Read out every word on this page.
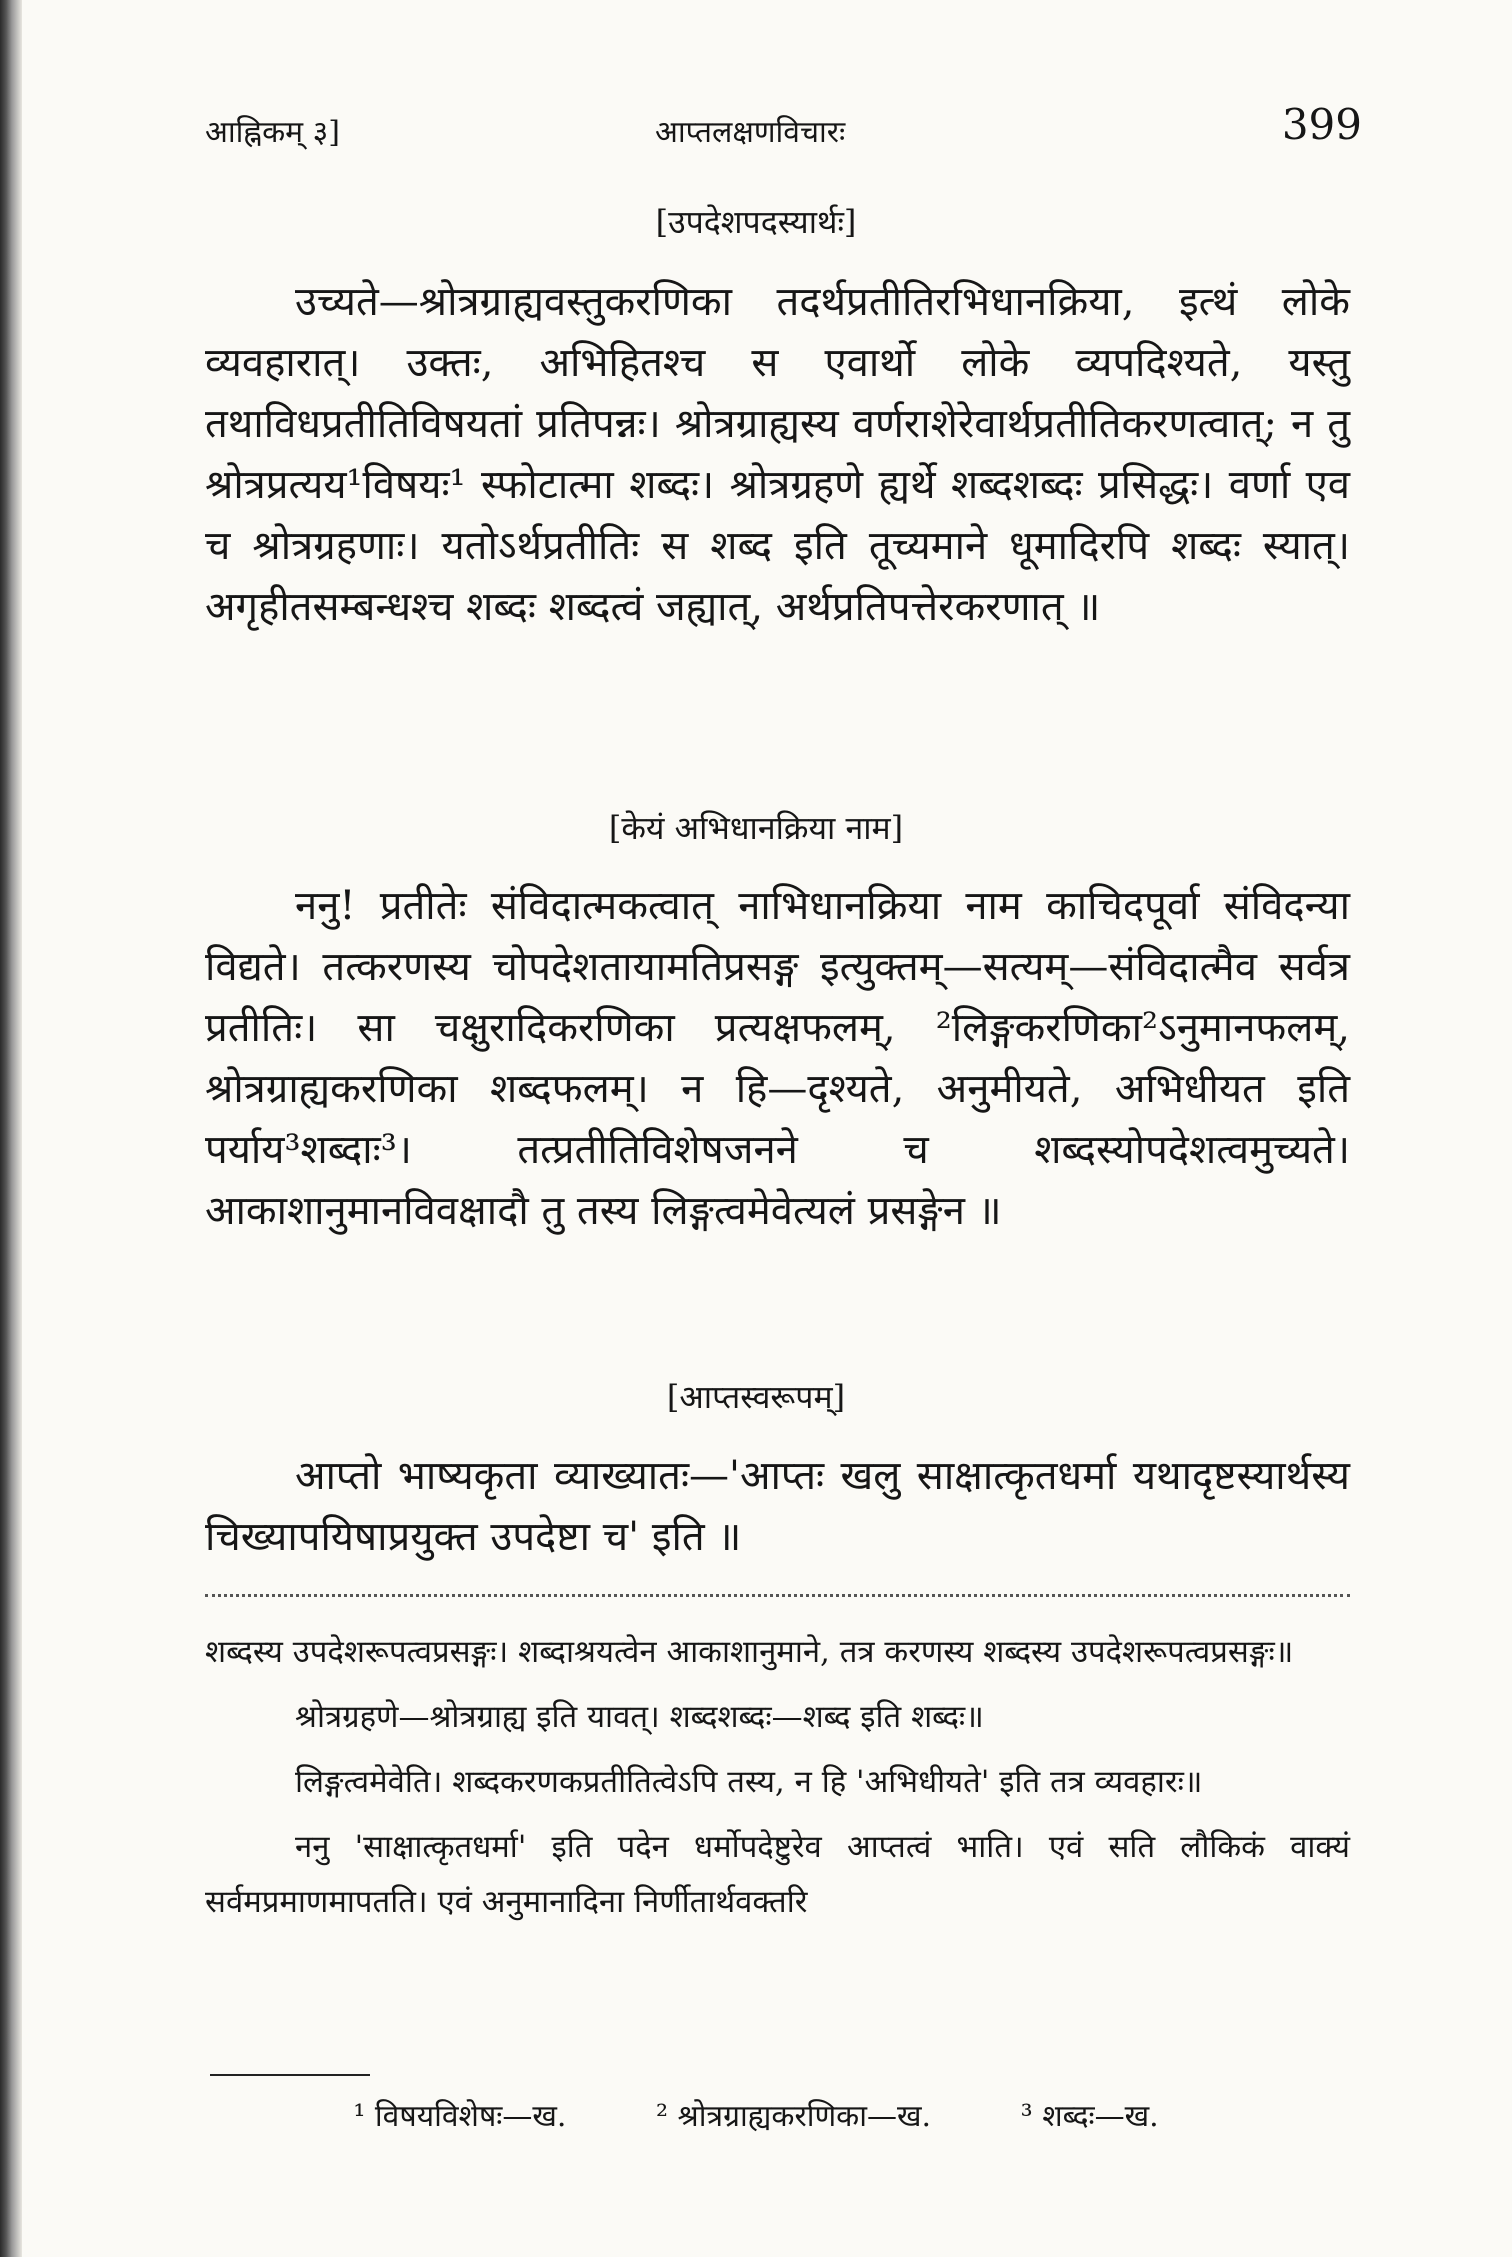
आह्निकम् ३]	आप्तलक्षणविचारः	399
[उपदेशपदस्यार्थः]

उच्यते—श्रोत्रग्राह्यवस्तुकरणिका तदर्थप्रतीतिरभिधानक्रिया, इत्थं लोके व्यवहारात्। उक्तः, अभिहितश्च स एवार्थो लोके व्यपदिश्यते, यस्तु तथाविधप्रतीतिविषयतां प्रतिपन्नः। श्रोत्रग्राह्यस्य वर्णराशेरेवार्थप्रतीतिकरणत्वात्; न तु श्रोत्रप्रत्यय¹विषयः¹ स्फोटात्मा शब्दः। श्रोत्रग्रहणे ह्यर्थे शब्दशब्दः प्रसिद्धः। वर्णा एव च श्रोत्रग्रहणाः। यतोऽर्थप्रतीतिः स शब्द इति तूच्यमाने धूमादिरपि शब्दः स्यात्। अगृहीतसम्बन्धश्च शब्दः शब्दत्वं जह्यात्, अर्थप्रतिपत्तेरकरणात् ॥

[केयं अभिधानक्रिया नाम]

ननु! प्रतीतेः संविदात्मकत्वात् नाभिधानक्रिया नाम काचिदपूर्वा संविदन्या विद्यते। तत्करणस्य चोपदेशतायामतिप्रसङ्ग इत्युक्तम्—सत्यम्—संविदात्मैव सर्वत्र प्रतीतिः। सा चक्षुरादिकरणिका प्रत्यक्षफलम्, ²लिङ्गकरणिका²ऽनुमानफलम्, श्रोत्रग्राह्यकरणिका शब्दफलम्। न हि—दृश्यते, अनुमीयते, अभिधीयत इति पर्याय³शब्दाः³। तत्प्रतीतिविशेषजनने च शब्दस्योपदेशत्वमुच्यते। आकाशानुमानविवक्षादौ तु तस्य लिङ्गत्वमेवेत्यलं प्रसङ्गेन ॥

[आप्तस्वरूपम्]

आप्तो भाष्यकृता व्याख्यातः—'आप्तः खलु साक्षात्कृतधर्मा यथादृष्टस्यार्थस्य चिख्यापयिषाप्रयुक्त उपदेष्टा च' इति ॥

शब्दस्य उपदेशरूपत्वप्रसङ्गः। शब्दाश्रयत्वेन आकाशानुमाने, तत्र करणस्य शब्दस्य उपदेशरूपत्वप्रसङ्गः॥

श्रोत्रग्रहणे—श्रोत्रग्राह्य इति यावत्। शब्दशब्दः—शब्द इति शब्दः॥

लिङ्गत्वमेवेति। शब्दकरणकप्रतीतित्वेऽपि तस्य, न हि 'अभिधीयते' इति तत्र व्यवहारः॥

ननु 'साक्षात्कृतधर्मा' इति पदेन धर्मोपदेष्टुरेव आप्तत्वं भाति। एवं सति लौकिकं वाक्यं सर्वमप्रमाणमापतति। एवं अनुमानादिना निर्णीतार्थवक्तरि

¹ विषयविशेषः—ख.	² श्रोत्रग्राह्यकरणिका—ख.	³ शब्दः—ख.
